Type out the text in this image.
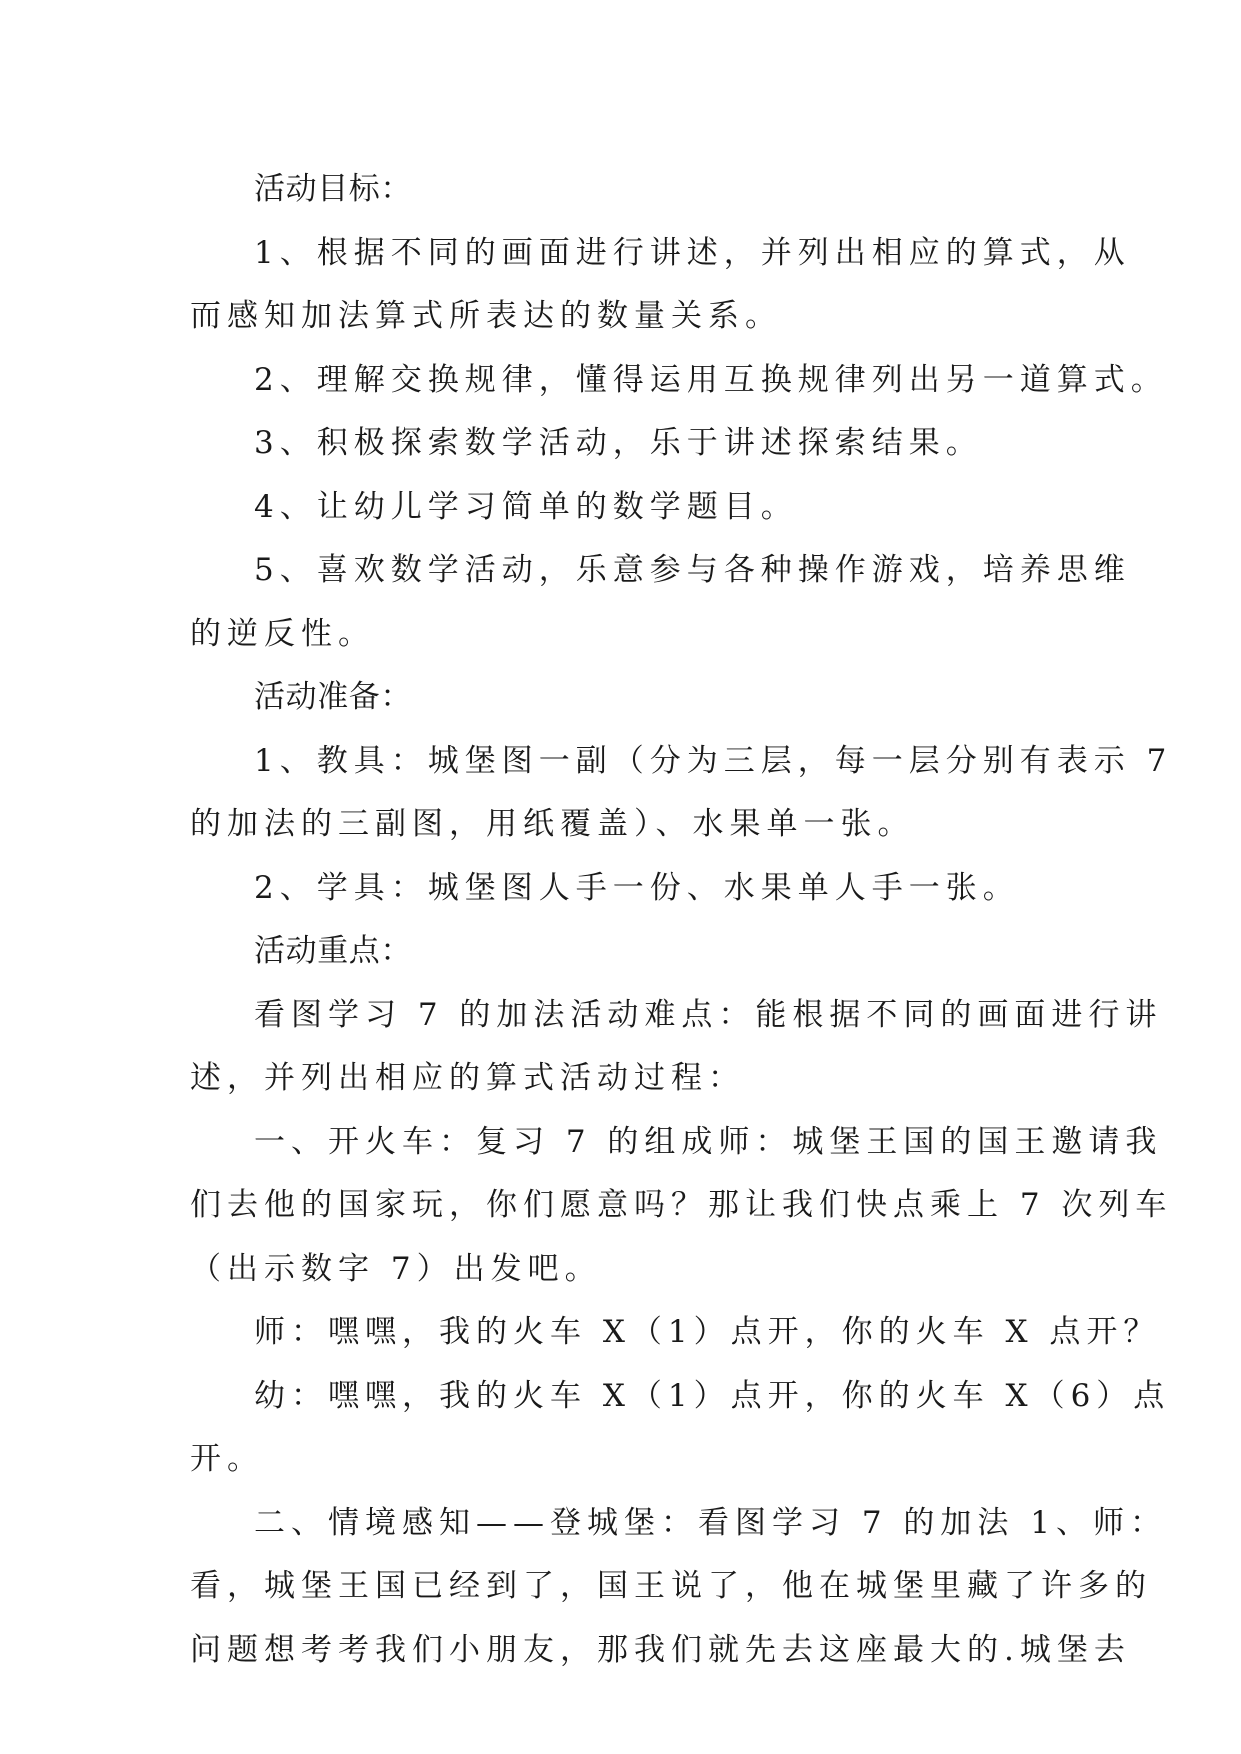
活动目标：
1、根据不同的画面进行讲述，并列出相应的算式，从
而感知加法算式所表达的数量关系。
2、理解交换规律，懂得运用互换规律列出另一道算式。
3、积极探索数学活动，乐于讲述探索结果。
4、让幼儿学习简单的数学题目。
5、喜欢数学活动，乐意参与各种操作游戏，培养思维
的逆反性。
活动准备：
1、教具：城堡图一副（分为三层，每一层分别有表示 7
的加法的三副图，用纸覆盖）、水果单一张。
2、学具：城堡图人手一份、水果单人手一张。
活动重点：
看图学习 7 的加法活动难点：能根据不同的画面进行讲
述，并列出相应的算式活动过程：
一、开火车：复习 7 的组成师：城堡王国的国王邀请我
们去他的国家玩，你们愿意吗？那让我们快点乘上 7 次列车
（出示数字 7）出发吧。
师：嘿嘿，我的火车 X（1）点开，你的火车 X 点开？
幼：嘿嘿，我的火车 X（1）点开，你的火车 X（6）点
开。
二、情境感知——登城堡：看图学习 7 的加法 1、师：
看，城堡王国已经到了，国王说了，他在城堡里藏了许多的
问题想考考我们小朋友，那我们就先去这座最大的.城堡去
